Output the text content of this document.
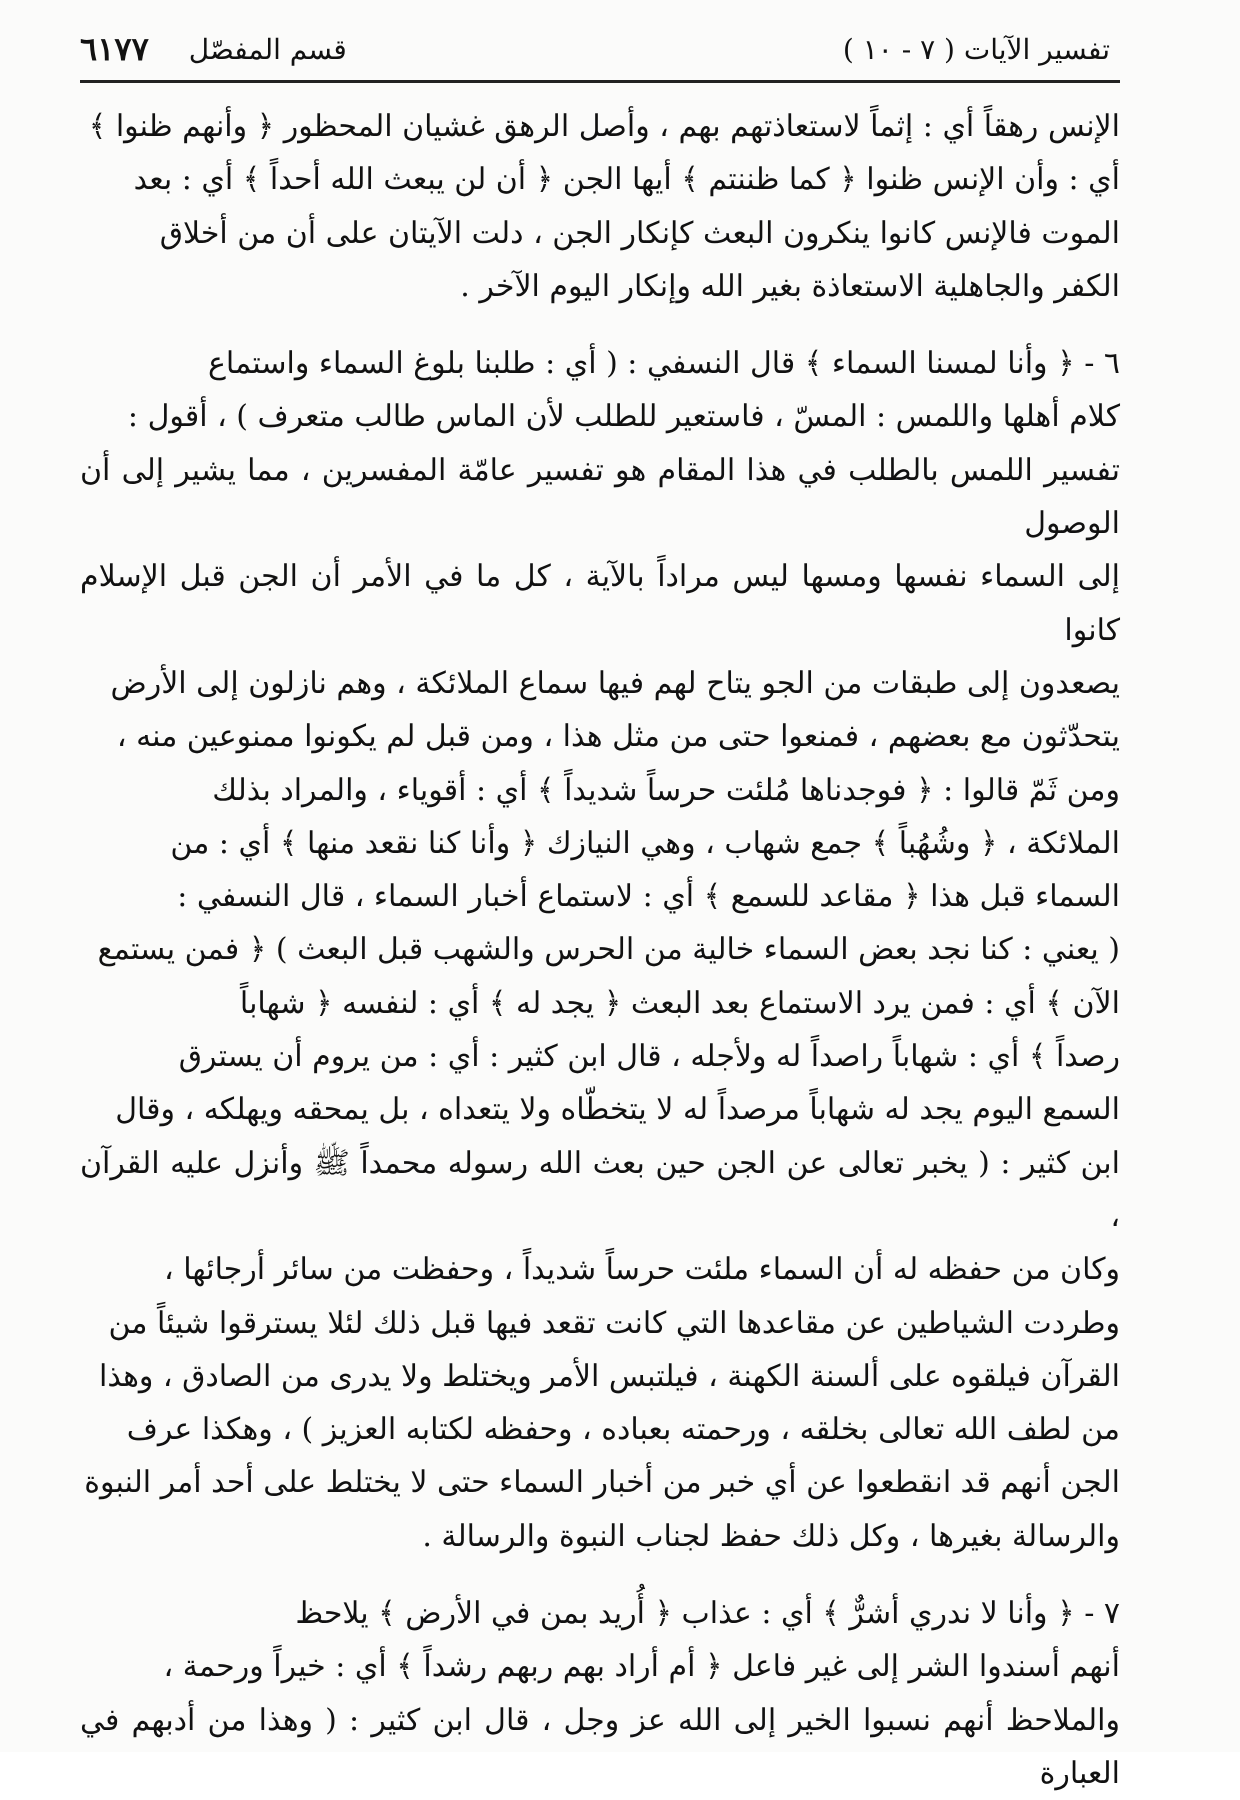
تفسير الآيات ( ٧ - ١٠ )
قسم المفصّل
٦١٧٧
الإنس رهقاً أي : إثماً لاستعاذتهم بهم ، وأصل الرهق غشيان المحظور ﴿ وأنهم ظنوا ﴾
أي : وأن الإنس ظنوا ﴿ كما ظننتم ﴾ أيها الجن ﴿ أن لن يبعث الله أحداً ﴾ أي : بعد
الموت فالإنس كانوا ينكرون البعث كإنكار الجن ، دلت الآيتان على أن من أخلاق
الكفر والجاهلية الاستعاذة بغير الله وإنكار اليوم الآخر .
٦ - ﴿ وأنا لمسنا السماء ﴾ قال النسفي : ( أي : طلبنا بلوغ السماء واستماع
كلام أهلها واللمس : المسّ ، فاستعير للطلب لأن الماس طالب متعرف ) ، أقول :
تفسير اللمس بالطلب في هذا المقام هو تفسير عامّة المفسرين ، مما يشير إلى أن الوصول
إلى السماء نفسها ومسها ليس مراداً بالآية ، كل ما في الأمر أن الجن قبل الإسلام كانوا
يصعدون إلى طبقات من الجو يتاح لهم فيها سماع الملائكة ، وهم نازلون إلى الأرض
يتحدّثون مع بعضهم ، فمنعوا حتى من مثل هذا ، ومن قبل لم يكونوا ممنوعين منه ،
ومن ثَمّ قالوا : ﴿ فوجدناها مُلئت حرساً شديداً ﴾ أي : أقوياء ، والمراد بذلك
الملائكة ، ﴿ وشُهُباً ﴾ جمع شهاب ، وهي النيازك ﴿ وأنا كنا نقعد منها ﴾ أي : من
السماء قبل هذا ﴿ مقاعد للسمع ﴾ أي : لاستماع أخبار السماء ، قال النسفي :
( يعني : كنا نجد بعض السماء خالية من الحرس والشهب قبل البعث ) ﴿ فمن يستمع
الآن ﴾ أي : فمن يرد الاستماع بعد البعث ﴿ يجد له ﴾ أي : لنفسه ﴿ شهاباً
رصداً ﴾ أي : شهاباً راصداً له ولأجله ، قال ابن كثير : أي : من يروم أن يسترق
السمع اليوم يجد له شهاباً مرصداً له لا يتخطّاه ولا يتعداه ، بل يمحقه ويهلكه ، وقال
ابن كثير : ( يخبر تعالى عن الجن حين بعث الله رسوله محمداً ﷺ وأنزل عليه القرآن ،
وكان من حفظه له أن السماء ملئت حرساً شديداً ، وحفظت من سائر أرجائها ،
وطردت الشياطين عن مقاعدها التي كانت تقعد فيها قبل ذلك لئلا يسترقوا شيئاً من
القرآن فيلقوه على ألسنة الكهنة ، فيلتبس الأمر ويختلط ولا يدرى من الصادق ، وهذا
من لطف الله تعالى بخلقه ، ورحمته بعباده ، وحفظه لكتابه العزيز ) ، وهكذا عرف
الجن أنهم قد انقطعوا عن أي خبر من أخبار السماء حتى لا يختلط على أحد أمر النبوة
والرسالة بغيرها ، وكل ذلك حفظ لجناب النبوة والرسالة .
٧ - ﴿ وأنا لا ندري أشرٌّ ﴾ أي : عذاب ﴿ أُريد بمن في الأرض ﴾ يلاحظ
أنهم أسندوا الشر إلى غير فاعل ﴿ أم أراد بهم ربهم رشداً ﴾ أي : خيراً ورحمة ،
والملاحظ أنهم نسبوا الخير إلى الله عز وجل ، قال ابن كثير : ( وهذا من أدبهم في العبارة
